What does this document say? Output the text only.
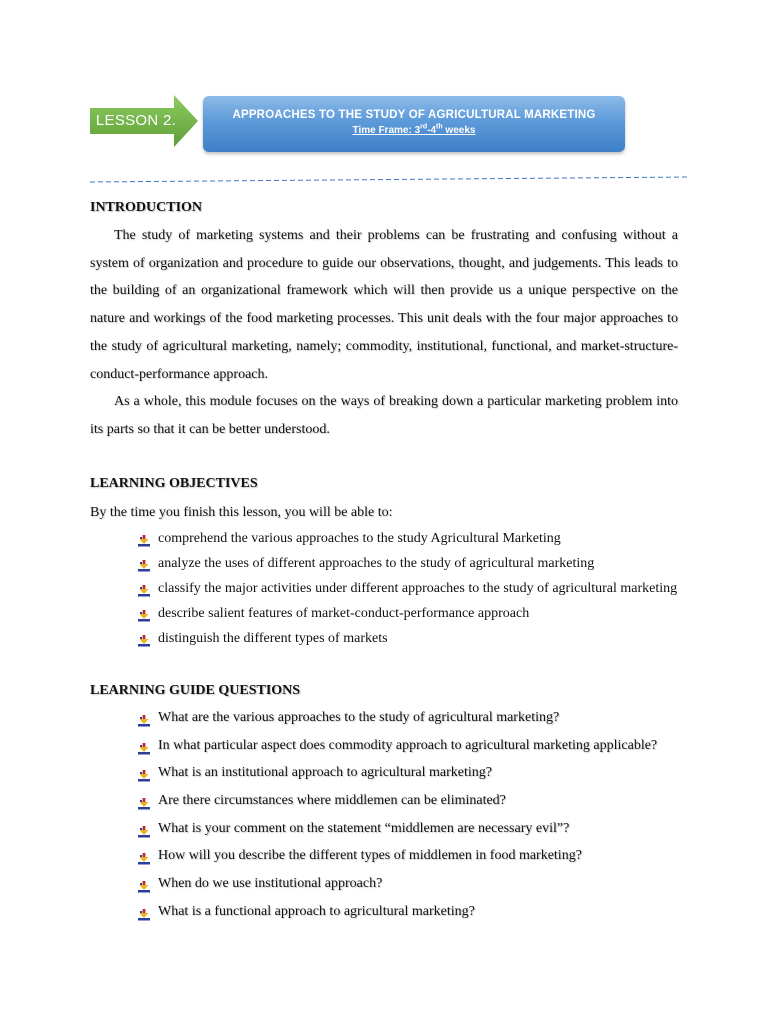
LESSON 2.	APPROACHES TO THE STUDY OF AGRICULTURAL MARKETING
Time Frame: 3rd-4th weeks
INTRODUCTION

The study of marketing systems and their problems can be frustrating and confusing without a system of organization and procedure to guide our observations, thought, and judgements. This leads to the building of an organizational framework which will then provide us a unique perspective on the nature and workings of the food marketing processes. This unit deals with the four major approaches to the study of agricultural marketing, namely; commodity, institutional, functional, and market-structure-conduct-performance approach.

As a whole, this module focuses on the ways of breaking down a particular marketing problem into its parts so that it can be better understood.

LEARNING OBJECTIVES
By the time you finish this lesson, you will be able to:
comprehend the various approaches to the study Agricultural Marketing
analyze the uses of different approaches to the study of agricultural marketing
classify the major activities under different approaches to the study of agricultural marketing
describe salient features of market-conduct-performance approach
distinguish the different types of markets
LEARNING GUIDE QUESTIONS
What are the various approaches to the study of agricultural marketing?
In what particular aspect does commodity approach to agricultural marketing applicable?
What is an institutional approach to agricultural marketing?
Are there circumstances where middlemen can be eliminated?
What is your comment on the statement “middlemen are necessary evil”?
How will you describe the different types of middlemen in food marketing?
When do we use institutional approach?
What is a functional approach to agricultural marketing?
